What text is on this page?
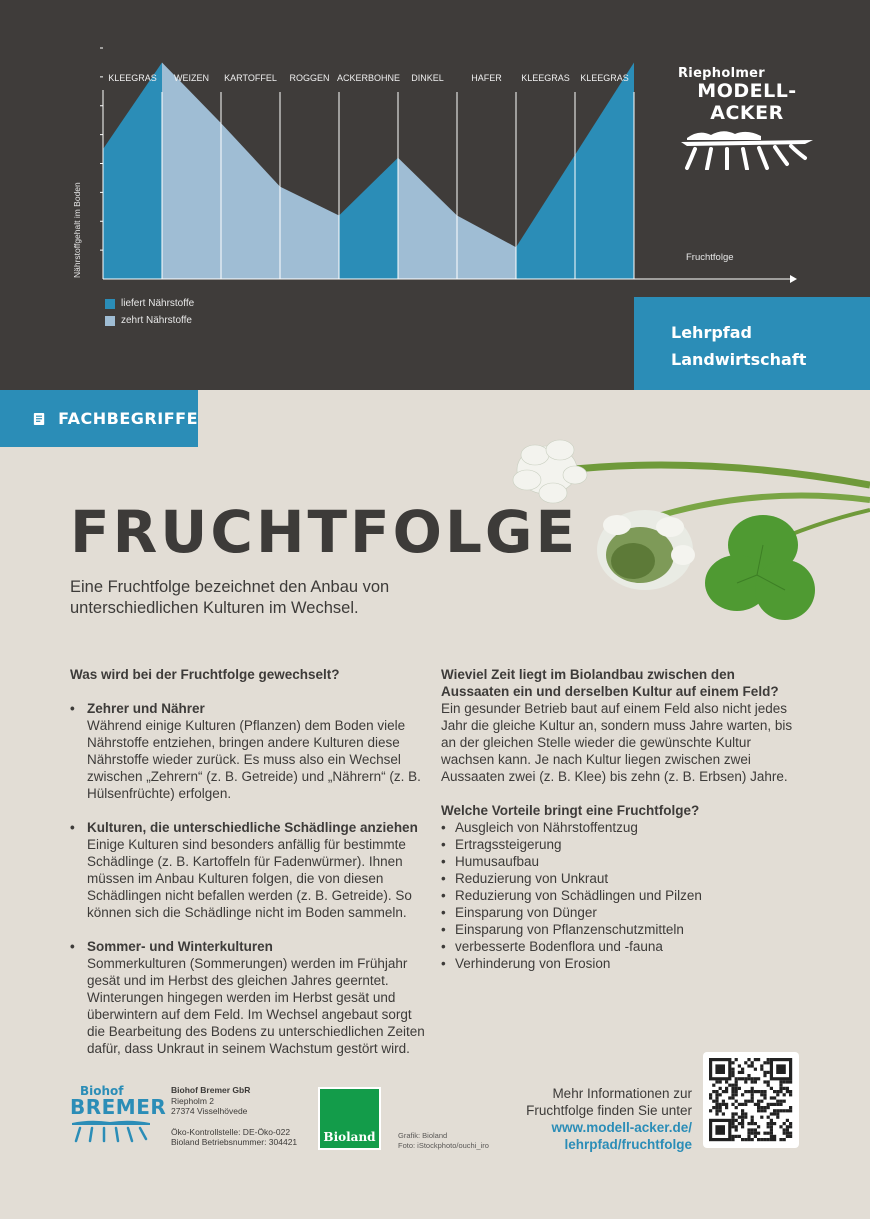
KLEEGRAS WEIZEN KARTOFFEL ROGGEN ACKERBOHNE DINKEL	HAFER KLEEGRAS KLEEGRAS
Nährstoffgehalt im Boden	Fruchtfolge
liefert Nährstoffe
zehrt Nährstoffe
Riepholmer
MODELL-ACKER
Lehrpfad
Landwirtschaft
FACHBEGRIFFE
FRUCHTFOLGE
Eine Fruchtfolge bezeichnet den Anbau von unterschiedlichen Kulturen im Wechsel.
Was wird bei der Fruchtfolge gewechselt?
• Zehrer und Nährer
Während einige Kulturen (Pflanzen) dem Boden viele Nährstoffe entziehen, bringen andere Kulturen diese Nährstoffe wieder zurück. Es muss also ein Wechsel zwischen „Zehrern“ (z. B. Getreide) und „Nährern“ (z. B. Hülsenfrüchte) erfolgen.
• Kulturen, die unterschiedliche Schädlinge anziehen
Einige Kulturen sind besonders anfällig für bestimmte Schädlinge (z. B. Kartoffeln für Fadenwürmer). Ihnen müssen im Anbau Kulturen folgen, die von diesen Schädlingen nicht befallen werden (z. B. Getreide). So können sich die Schädlinge nicht im Boden sammeln.
• Sommer- und Winterkulturen
Sommerkulturen (Sommerungen) werden im Frühjahr gesät und im Herbst des gleichen Jahres geerntet. Winterungen hingegen werden im Herbst gesät und überwintern auf dem Feld. Im Wechsel angebaut sorgt die Bearbeitung des Bodens zu unterschiedlichen Zeiten dafür, dass Unkraut in seinem Wachstum gestört wird.
Wieviel Zeit liegt im Biolandbau zwischen den Aussaaten ein und derselben Kultur auf einem Feld?
Ein gesunder Betrieb baut auf einem Feld also nicht jedes Jahr die gleiche Kultur an, sondern muss Jahre warten, bis an der gleichen Stelle wieder die gewünschte Kultur wachsen kann. Je nach Kultur liegen zwischen zwei Aussaaten zwei (z. B. Klee) bis zehn (z. B. Erbsen) Jahre.
Welche Vorteile bringt eine Fruchtfolge?
• Ausgleich von Nährstoffentzug
• Ertragssteigerung
• Humusaufbau
• Reduzierung von Unkraut
• Reduzierung von Schädlingen und Pilzen
• Einsparung von Dünger
• Einsparung von Pflanzenschutzmitteln
• verbesserte Bodenflora und -fauna
• Verhinderung von Erosion
Biohof
BREMER
Biohof Bremer GbR
Riepholm 2
27374 Visselhövede
Öko-Kontrollstelle: DE-Öko-022
Bioland Betriebsnummer: 304421 Bioland	Grafik: Bioland
Foto: iStockphoto/ouchi_iro
Mehr Informationen zur
Fruchtfolge finden Sie unter
www.modell-acker.de/
lehrpfad/fruchtfolge
